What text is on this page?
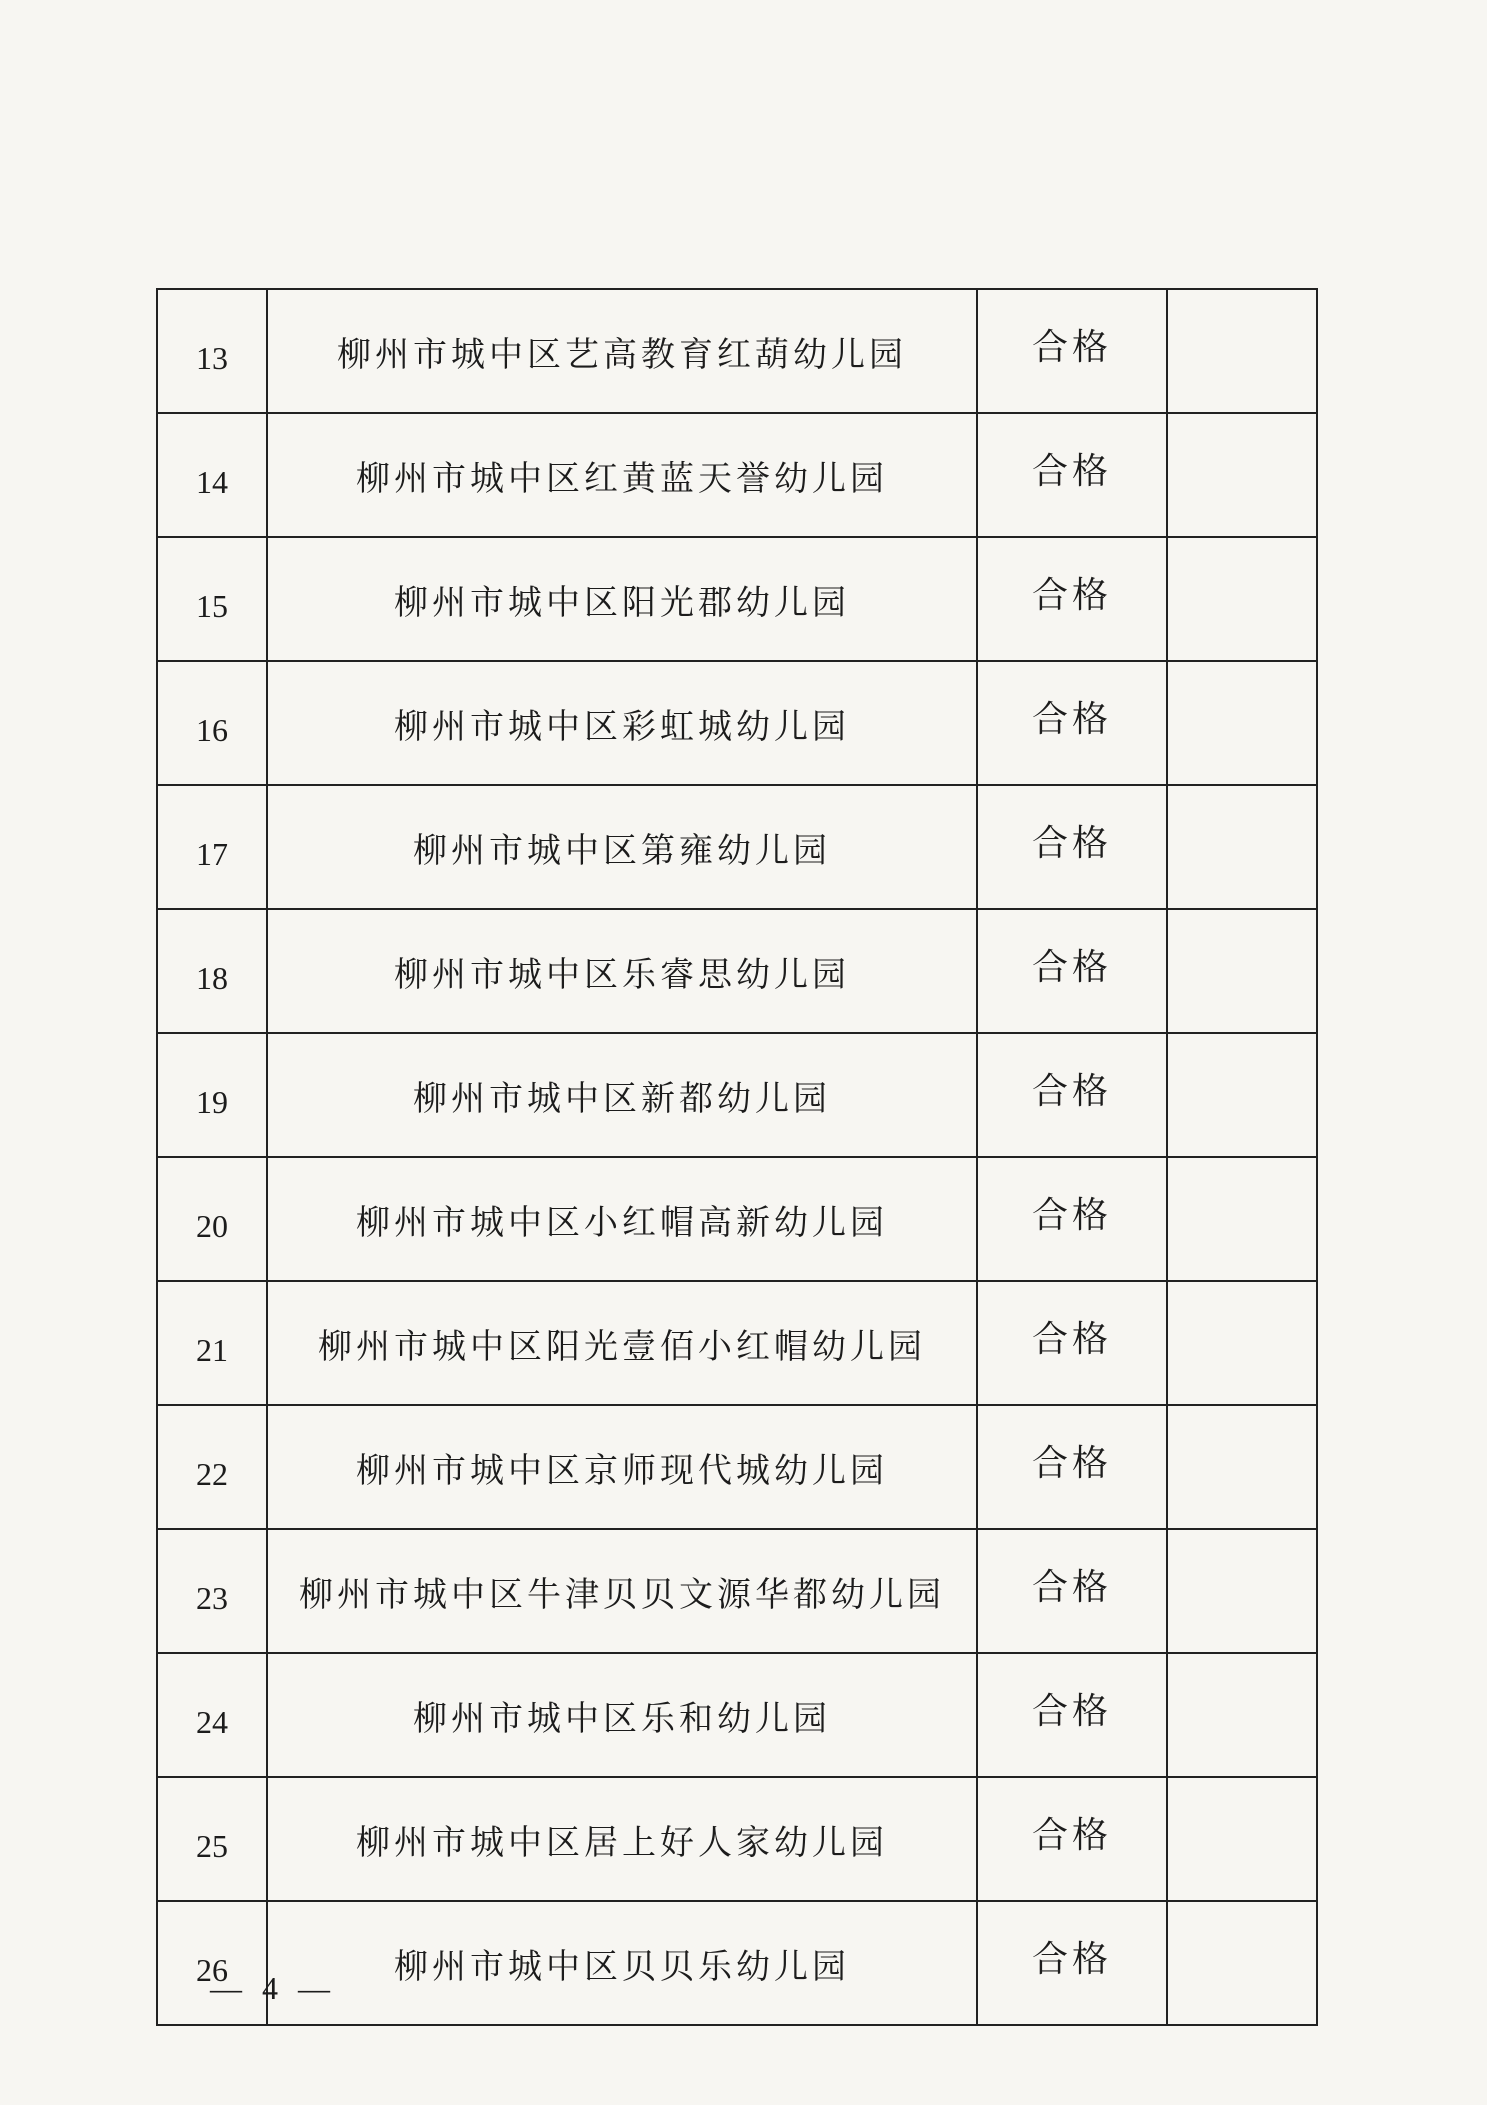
13	柳州市城中区艺高教育红葫幼儿园	合格	
14	柳州市城中区红黄蓝天誉幼儿园	合格	
15	柳州市城中区阳光郡幼儿园	合格	
16	柳州市城中区彩虹城幼儿园	合格	
17	柳州市城中区第雍幼儿园	合格	
18	柳州市城中区乐睿思幼儿园	合格	
19	柳州市城中区新都幼儿园	合格	
20	柳州市城中区小红帽高新幼儿园	合格	
21	柳州市城中区阳光壹佰小红帽幼儿园	合格	
22	柳州市城中区京师现代城幼儿园	合格	
23	柳州市城中区牛津贝贝文源华都幼儿园	合格	
24	柳州市城中区乐和幼儿园	合格	
25	柳州市城中区居上好人家幼儿园	合格	
26	柳州市城中区贝贝乐幼儿园	合格	
— 4 —
